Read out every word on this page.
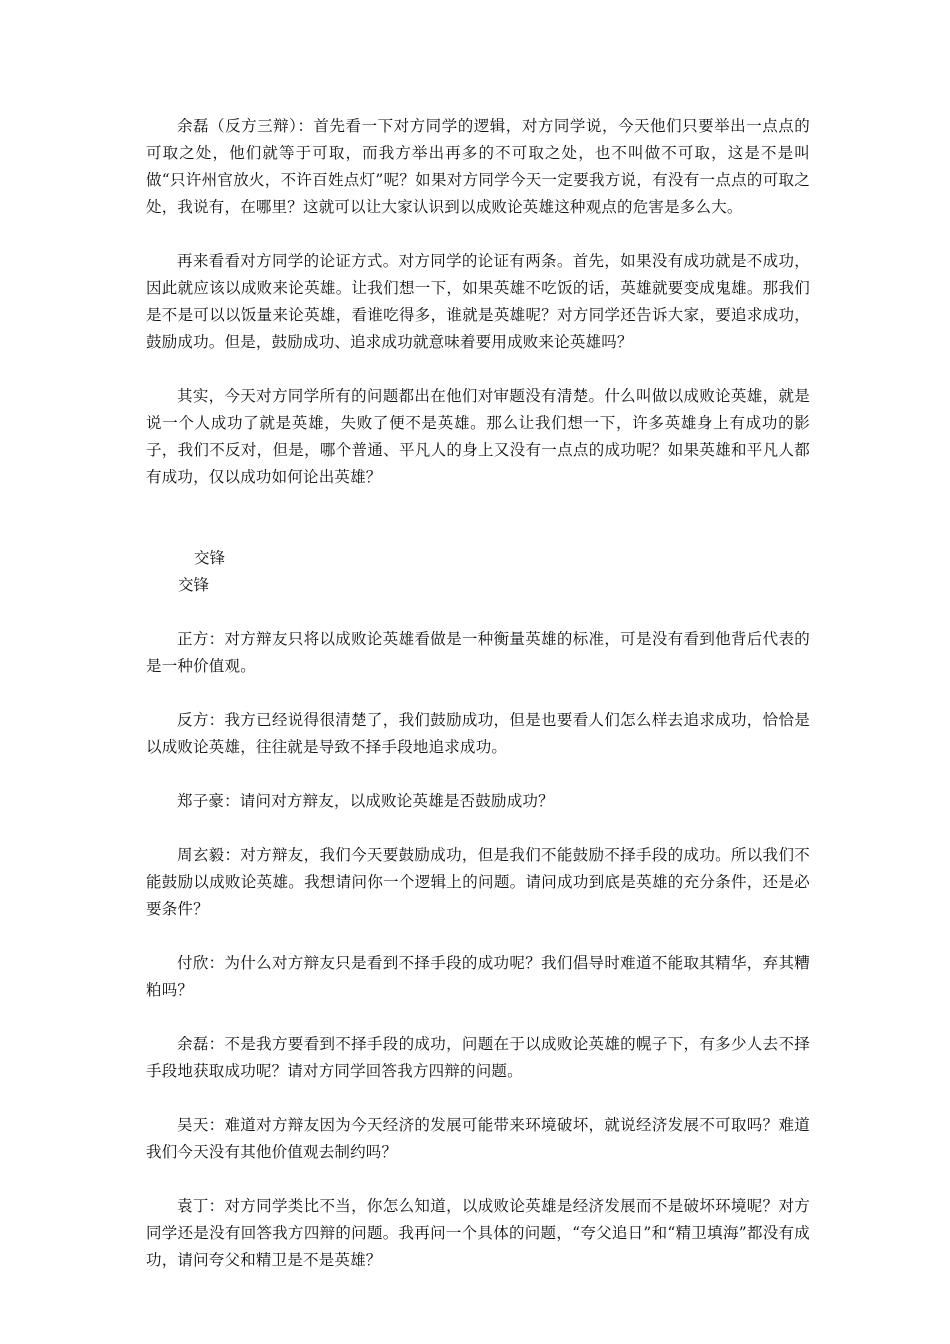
余磊（反方三辩）：首先看一下对方同学的逻辑，对方同学说，今天他们只要举出一点点的可取之处，他们就等于可取，而我方举出再多的不可取之处，也不叫做不可取，这是不是叫做“只许州官放火，不许百姓点灯”呢？如果对方同学今天一定要我方说，有没有一点点的可取之处，我说有，在哪里？这就可以让大家认识到以成败论英雄这种观点的危害是多么大。

再来看看对方同学的论证方式。对方同学的论证有两条。首先，如果没有成功就是不成功，因此就应该以成败来论英雄。让我们想一下，如果英雄不吃饭的话，英雄就要变成鬼雄。那我们是不是可以以饭量来论英雄，看谁吃得多，谁就是英雄呢？对方同学还告诉大家，要追求成功，鼓励成功。但是，鼓励成功、追求成功就意味着要用成败来论英雄吗？

其实，今天对方同学所有的问题都出在他们对审题没有清楚。什么叫做以成败论英雄，就是说一个人成功了就是英雄，失败了便不是英雄。那么让我们想一下，许多英雄身上有成功的影子，我们不反对，但是，哪个普通、平凡人的身上又没有一点点的成功呢？如果英雄和平凡人都有成功，仅以成功如何论出英雄？

交锋

交锋

正方：对方辩友只将以成败论英雄看做是一种衡量英雄的标准，可是没有看到他背后代表的是一种价值观。

反方：我方已经说得很清楚了，我们鼓励成功，但是也要看人们怎么样去追求成功，恰恰是以成败论英雄，往往就是导致不择手段地追求成功。

郑子豪：请问对方辩友，以成败论英雄是否鼓励成功？

周玄毅：对方辩友，我们今天要鼓励成功，但是我们不能鼓励不择手段的成功。所以我们不能鼓励以成败论英雄。我想请问你一个逻辑上的问题。请问成功到底是英雄的充分条件，还是必要条件？

付欣：为什么对方辩友只是看到不择手段的成功呢？我们倡导时难道不能取其精华，弃其糟粕吗？

余磊：不是我方要看到不择手段的成功，问题在于以成败论英雄的幌子下，有多少人去不择手段地获取成功呢？请对方同学回答我方四辩的问题。

吴天：难道对方辩友因为今天经济的发展可能带来环境破坏，就说经济发展不可取吗？难道我们今天没有其他价值观去制约吗？

袁丁：对方同学类比不当，你怎么知道，以成败论英雄是经济发展而不是破坏环境呢？对方同学还是没有回答我方四辩的问题。我再问一个具体的问题，“夸父追日”和“精卫填海”都没有成功，请问夸父和精卫是不是英雄？
